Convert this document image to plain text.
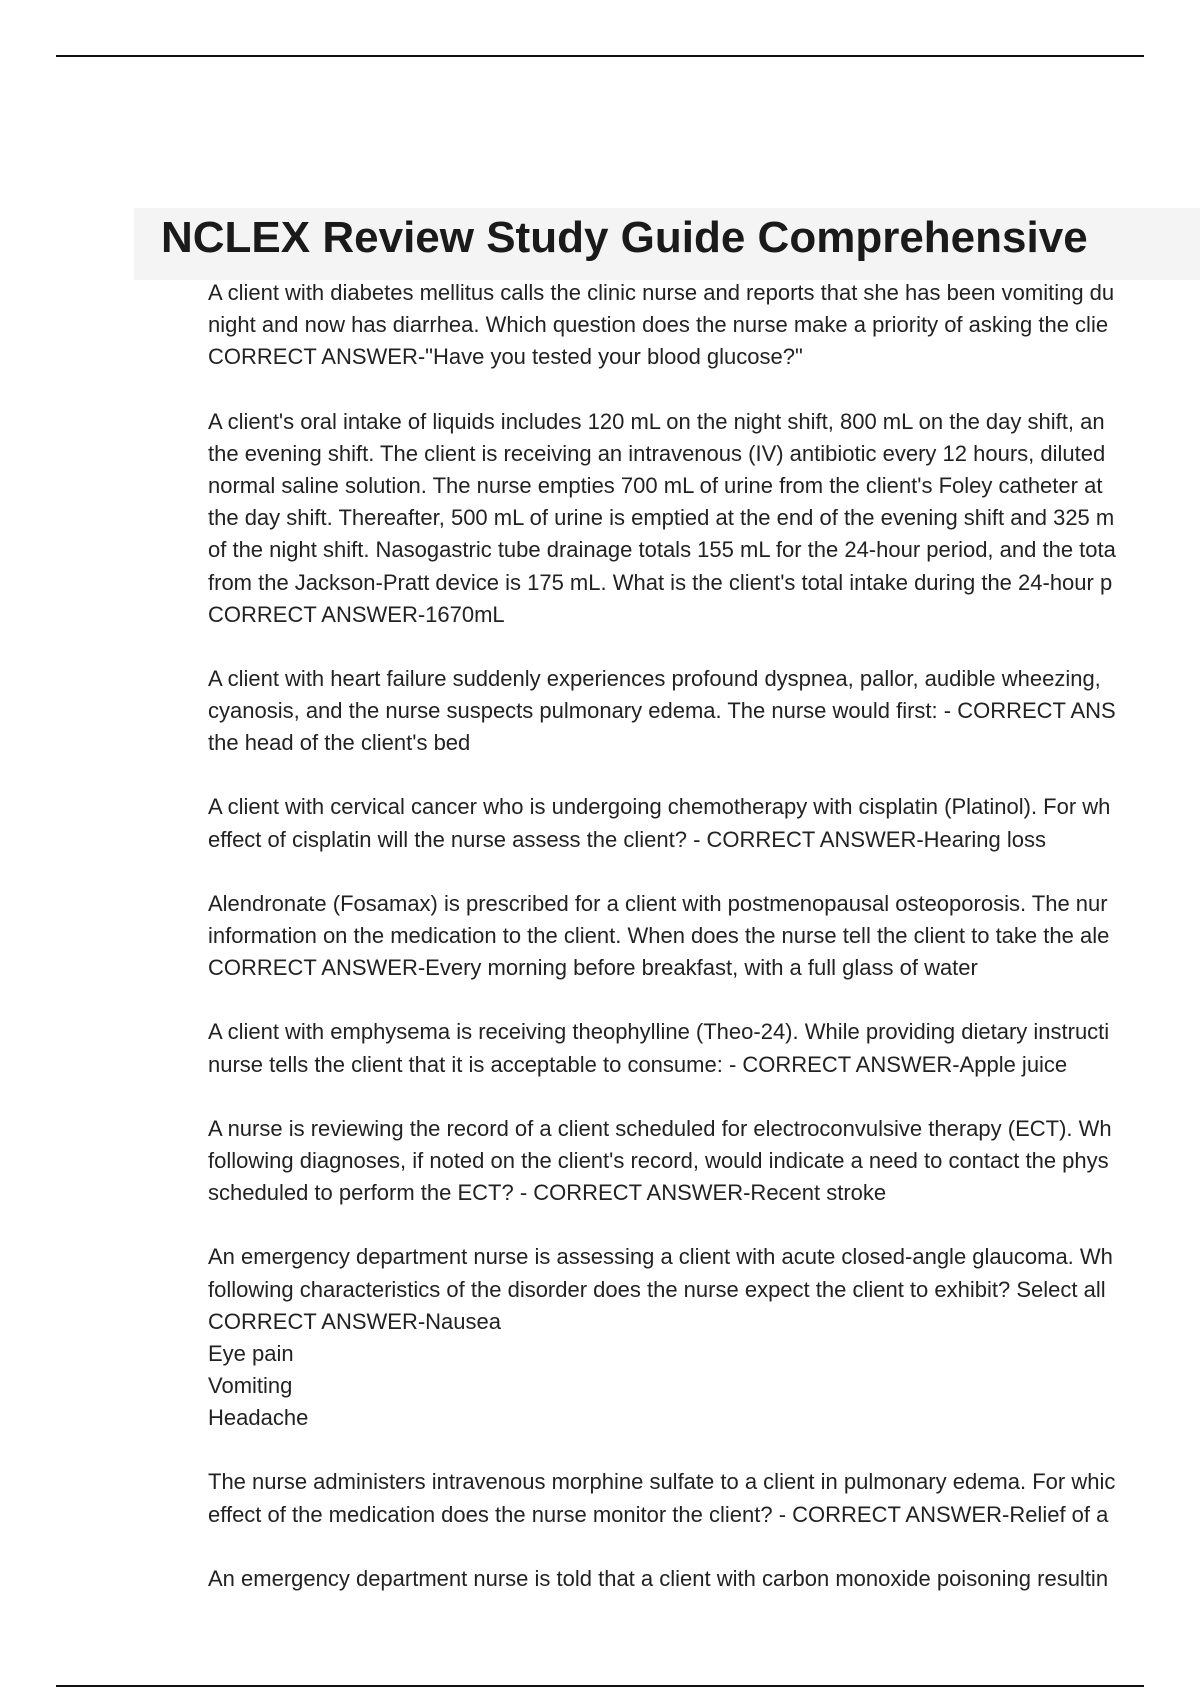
NCLEX Review Study Guide Comprehensive
A client with diabetes mellitus calls the clinic nurse and reports that she has been vomiting du
night and now has diarrhea. Which question does the nurse make a priority of asking the clie
CORRECT ANSWER-"Have you tested your blood glucose?"
A client's oral intake of liquids includes 120 mL on the night shift, 800 mL on the day shift, an
the evening shift. The client is receiving an intravenous (IV) antibiotic every 12 hours, diluted
normal saline solution. The nurse empties 700 mL of urine from the client's Foley catheter at
the day shift. Thereafter, 500 mL of urine is emptied at the end of the evening shift and 325 m
of the night shift. Nasogastric tube drainage totals 155 mL for the 24-hour period, and the tota
from the Jackson-Pratt device is 175 mL. What is the client's total intake during the 24-hour p
CORRECT ANSWER-1670mL
A client with heart failure suddenly experiences profound dyspnea, pallor, audible wheezing,
cyanosis, and the nurse suspects pulmonary edema. The nurse would first: - CORRECT ANS
the head of the client's bed
A client with cervical cancer who is undergoing chemotherapy with cisplatin (Platinol). For wh
effect of cisplatin will the nurse assess the client? - CORRECT ANSWER-Hearing loss
Alendronate (Fosamax) is prescribed for a client with postmenopausal osteoporosis. The nur
information on the medication to the client. When does the nurse tell the client to take the ale
CORRECT ANSWER-Every morning before breakfast, with a full glass of water
A client with emphysema is receiving theophylline (Theo-24). While providing dietary instructi
nurse tells the client that it is acceptable to consume: - CORRECT ANSWER-Apple juice
A nurse is reviewing the record of a client scheduled for electroconvulsive therapy (ECT). Wh
following diagnoses, if noted on the client's record, would indicate a need to contact the phys
scheduled to perform the ECT? - CORRECT ANSWER-Recent stroke
An emergency department nurse is assessing a client with acute closed-angle glaucoma. Wh
following characteristics of the disorder does the nurse expect the client to exhibit? Select all
CORRECT ANSWER-Nausea
Eye pain
Vomiting
Headache
The nurse administers intravenous morphine sulfate to a client in pulmonary edema. For whic
effect of the medication does the nurse monitor the client? - CORRECT ANSWER-Relief of a
An emergency department nurse is told that a client with carbon monoxide poisoning resultin
